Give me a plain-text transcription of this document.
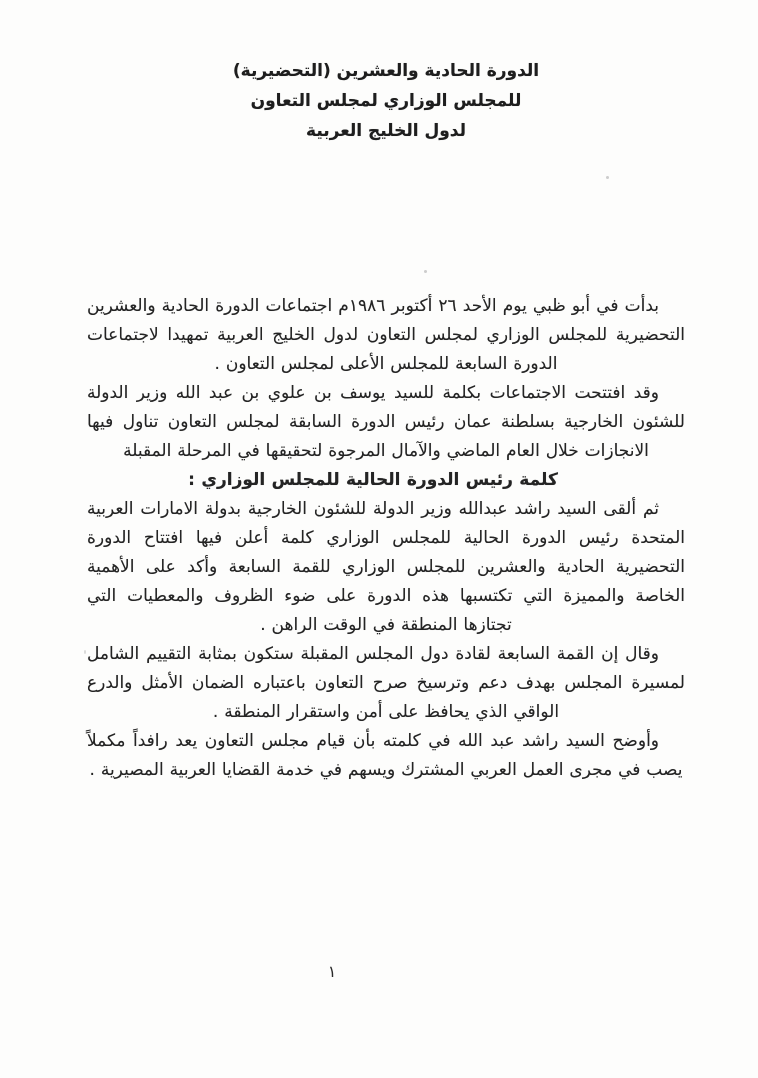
الدورة الحادية والعشرين (التحضيرية)
للمجلس الوزاري لمجلس التعاون
لدول الخليج العربية

بدأت في أبو ظبي يوم الأحد ٢٦ أكتوبر ١٩٨٦م اجتماعات الدورة الحادية والعشرين التحضيرية للمجلس الوزاري لمجلس التعاون لدول الخليج العربية تمهيدا لاجتماعات الدورة السابعة للمجلس الأعلى لمجلس التعاون .

وقد افتتحت الاجتماعات بكلمة للسيد يوسف بن علوي بن عبد الله وزير الدولة للشئون الخارجية بسلطنة عمان رئيس الدورة السابقة لمجلس التعاون تناول فيها الانجازات خلال العام الماضي والآمال المرجوة لتحقيقها في المرحلة المقبلة

كلمة رئيس الدورة الحالية للمجلس الوزاري :

ثم ألقى السيد راشد عبدالله وزير الدولة للشئون الخارجية بدولة الامارات العربية المتحدة رئيس الدورة الحالية للمجلس الوزاري كلمة أعلن فيها افتتاح الدورة التحضيرية الحادية والعشرين للمجلس الوزاري للقمة السابعة وأكد على الأهمية الخاصة والمميزة التي تكتسبها هذه الدورة على ضوء الظروف والمعطيات التي تجتازها المنطقة في الوقت الراهن .

وقال إن القمة السابعة لقادة دول المجلس المقبلة ستكون بمثابة التقييم الشامل لمسيرة المجلس بهدف دعم وترسيخ صرح التعاون باعتباره الضمان الأمثل والدرع الواقي الذي يحافظ على أمن واستقرار المنطقة .

وأوضح السيد راشد عبد الله في كلمته بأن قيام مجلس التعاون يعد رافداً مكملاً يصب في مجرى العمل العربي المشترك ويسهم في خدمة القضايا العربية المصيرية .

١
